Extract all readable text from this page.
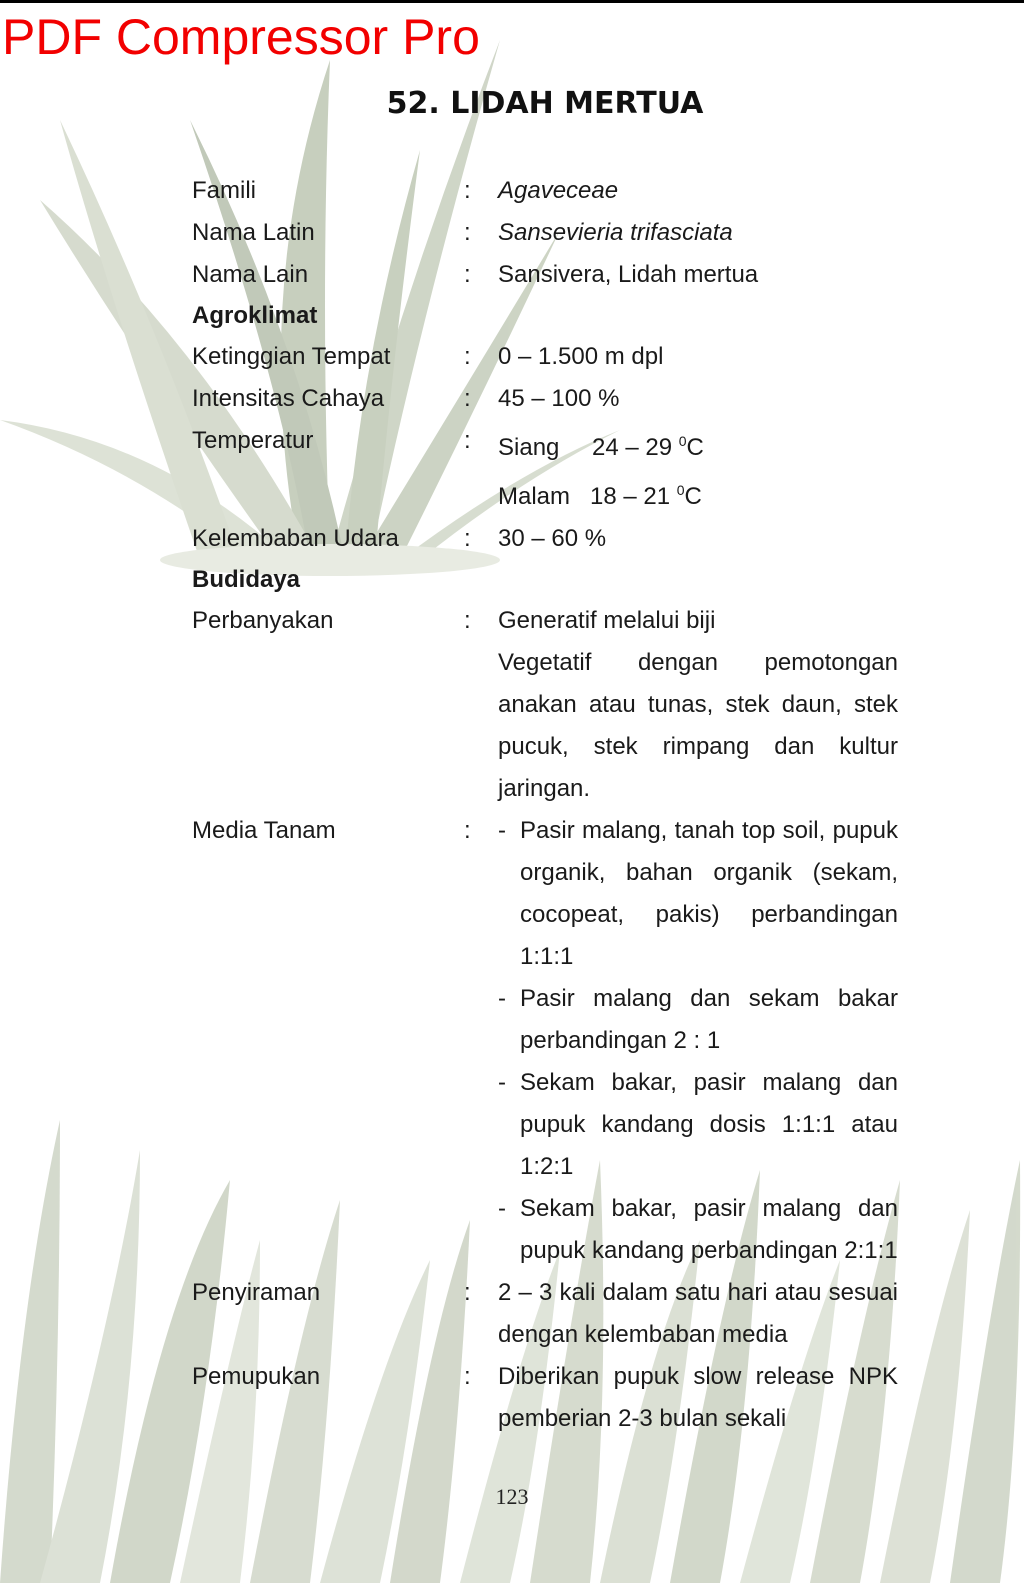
PDF Compressor Pro
52. LIDAH MERTUA
Famili	:	Agaveceae
Nama Latin	:	Sansevieria trifasciata
Nama Lain	:	Sansivera, Lidah mertua
Agroklimat
Ketinggian Tempat	:	0 – 1.500 m dpl
Intensitas Cahaya	:	45 – 100 %
Temperatur	:	Siang 24 – 29 $^0$C
Malam 18 – 21 $^0$C
Kelembaban Udara	:	30 – 60 %
Budidaya
Perbanyakan	:	Generatif melalui biji
Vegetatif dengan pemotongan anakan atau tunas, stek daun, stek pucuk, stek rimpang dan kultur jaringan.
Media Tanam	:	- Pasir malang, tanah top soil, pupuk organik, bahan organik (sekam, cocopeat, pakis) perbandingan 1:1:1
- Pasir malang dan sekam bakar perbandingan 2 : 1
- Sekam bakar, pasir malang dan pupuk kandang dosis 1:1:1 atau 1:2:1
- Sekam bakar, pasir malang dan pupuk kandang perbandingan 2:1:1
Penyiraman	:	2 – 3 kali dalam satu hari atau sesuai dengan kelembaban media
Pemupukan	:	Diberikan pupuk slow release NPK pemberian 2-3 bulan sekali
123
